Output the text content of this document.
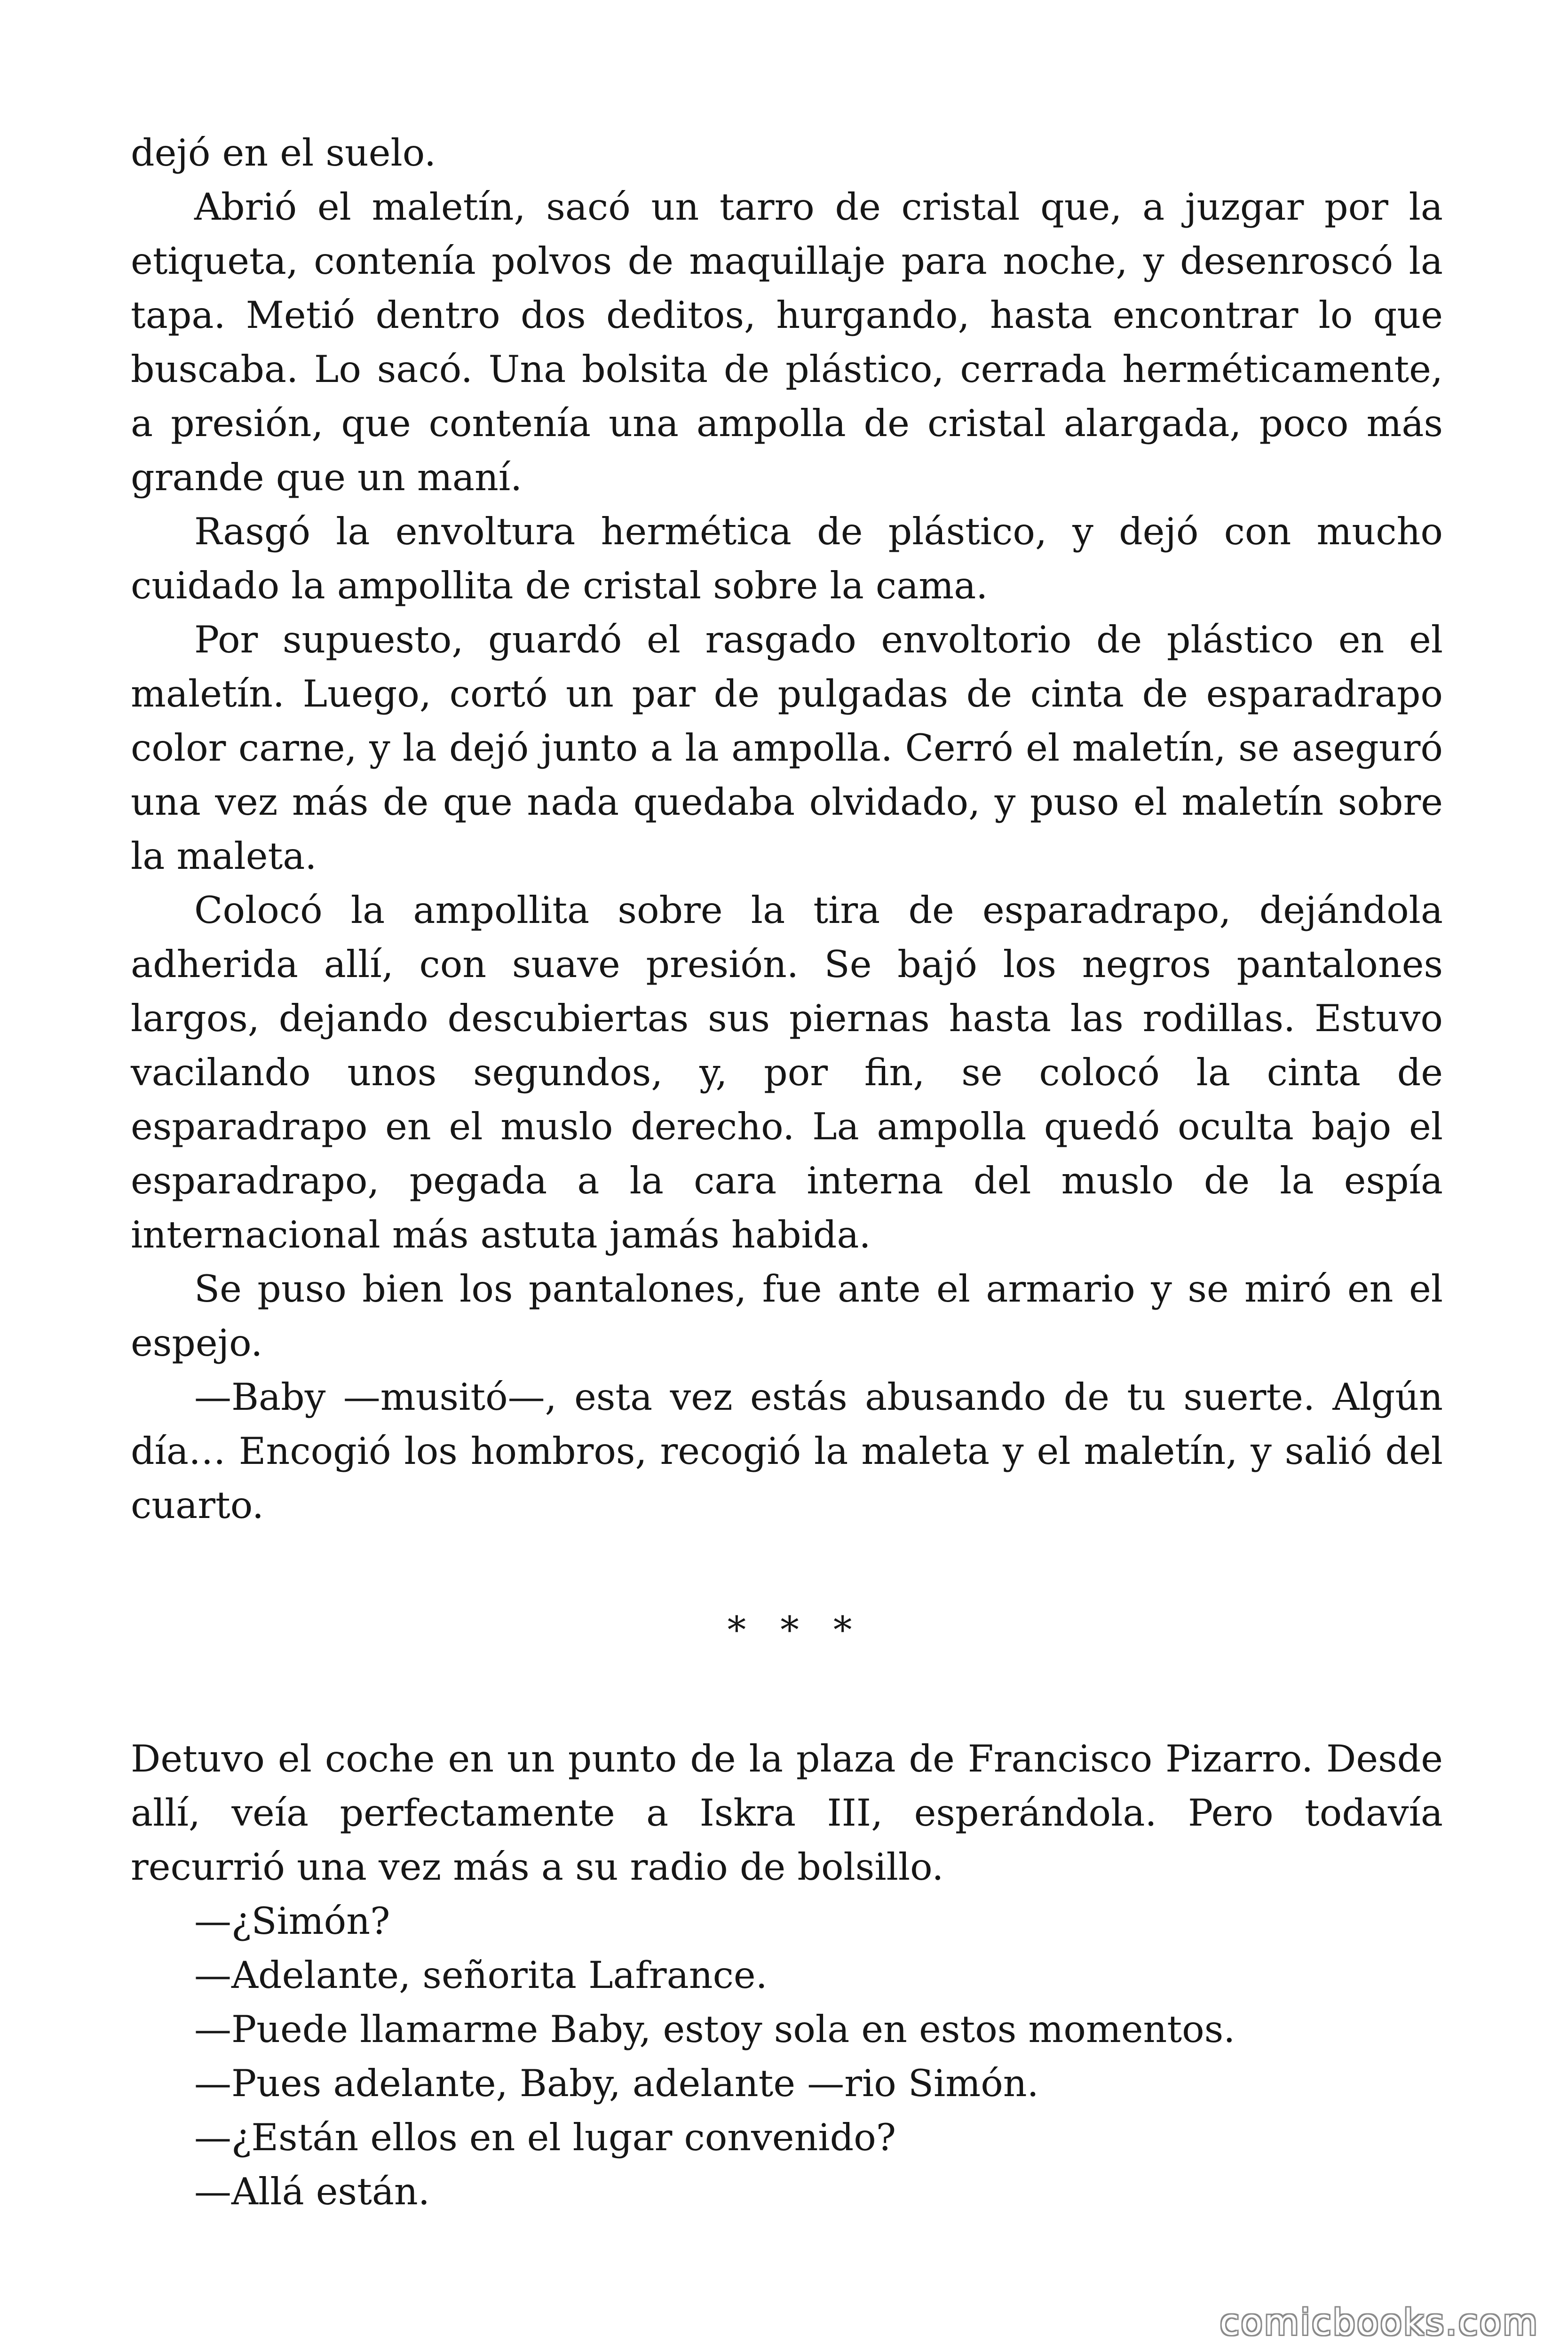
dejó en el suelo.

Abrió el maletín, sacó un tarro de cristal que, a juzgar por la etiqueta, contenía polvos de maquillaje para noche, y desenroscó la tapa. Metió dentro dos deditos, hurgando, hasta encontrar lo que buscaba. Lo sacó. Una bolsita de plástico, cerrada herméticamente, a presión, que contenía una ampolla de cristal alargada, poco más grande que un maní.

Rasgó la envoltura hermética de plástico, y dejó con mucho cuidado la ampollita de cristal sobre la cama.

Por supuesto, guardó el rasgado envoltorio de plástico en el maletín. Luego, cortó un par de pulgadas de cinta de esparadrapo color carne, y la dejó junto a la ampolla. Cerró el maletín, se aseguró una vez más de que nada quedaba olvidado, y puso el maletín sobre la maleta.

Colocó la ampollita sobre la tira de esparadrapo, dejándola adherida allí, con suave presión. Se bajó los negros pantalones largos, dejando descubiertas sus piernas hasta las rodillas. Estuvo vacilando unos segundos, y, por fin, se colocó la cinta de esparadrapo en el muslo derecho. La ampolla quedó oculta bajo el esparadrapo, pegada a la cara interna del muslo de la espía internacional más astuta jamás habida.

Se puso bien los pantalones, fue ante el armario y se miró en el espejo.

—Baby —musitó—, esta vez estás abusando de tu suerte. Algún día… Encogió los hombros, recogió la maleta y el maletín, y salió del cuarto.

* * *

Detuvo el coche en un punto de la plaza de Francisco Pizarro. Desde allí, veía perfectamente a Iskra III, esperándola. Pero todavía recurrió una vez más a su radio de bolsillo.

—¿Simón?

—Adelante, señorita Lafrance.

—Puede llamarme Baby, estoy sola en estos momentos.

—Pues adelante, Baby, adelante —rio Simón.

—¿Están ellos en el lugar convenido?

—Allá están.

comicbooks.com
